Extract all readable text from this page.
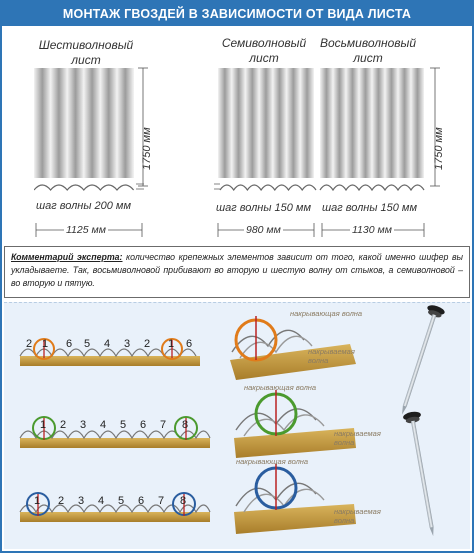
МОНТАЖ ГВОЗДЕЙ В ЗАВИСИМОСТИ ОТ ВИДА ЛИСТА
Шестиволновый
лист
1750 мм
шаг волны 200 мм
1125 мм
Семиволновый
лист
шаг волны 150 мм
980 мм
Восьмиволновый
лист
1750 мм
шаг волны 150 мм
1130 мм
Комментарий эксперта: количество крепежных элементов зависит от того, какой именно шифер вы укладываете. Так, восьмиволновой прибивают во вторую и шестую волну от стыков, а семиволновой – во вторую и пятую.
2 1 6 5 4 3 2 1 6
накрывающая волна
накрываемая
волна
1 2 3 4 5 6 7 8
накрывающая волна
накрываемая
волна
1 2 3 4 5 6 7 8
накрывающая волна
накрываемая
волна
